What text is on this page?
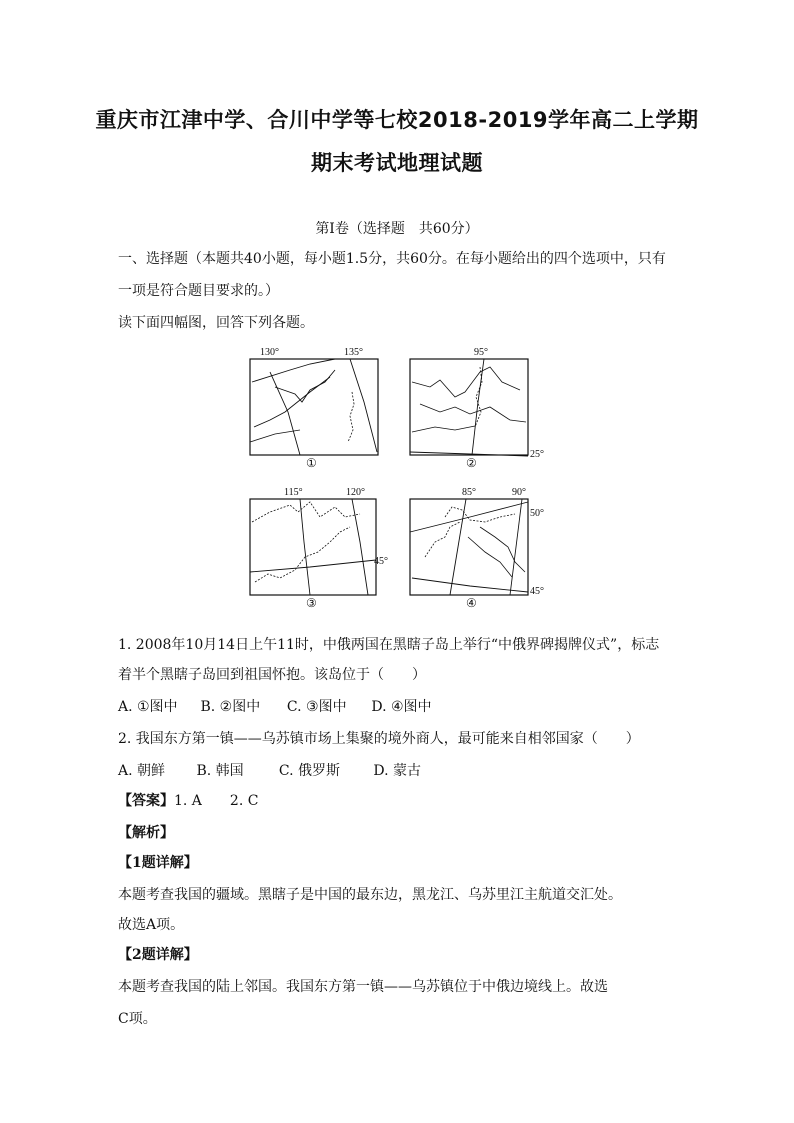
重庆市江津中学、合川中学等七校2018-2019学年高二上学期
期末考试地理试题
第Ⅰ卷（选择题　共60分）
一、选择题（本题共40小题，每小题1.5分，共60分。在每小题给出的四个选项中，只有
一项是符合题目要求的。）
读下面四幅图，回答下列各题。
130°	135°
①
95°
25°
②
115°	120°
45°
③
85°	90°
50°
45°
④
1. 2008年10月14日上午11时，中俄两国在黑瞎子岛上举行“中俄界碑揭牌仪式”，标志
着半个黑瞎子岛回到祖国怀抱。该岛位于（　　）
A. ①图中 B. ②图中 C. ③图中 D. ④图中
2. 我国东方第一镇——乌苏镇市场上集聚的境外商人，最可能来自相邻国家（　　）
A. 朝鲜 B. 韩国	C. 俄罗斯 D. 蒙古
【答案】1. A　　2. C
【解析】
【1题详解】
本题考查我国的疆域。黑瞎子是中国的最东边，黑龙江、乌苏里江主航道交汇处。
故选A项。
【2题详解】
本题考查我国的陆上邻国。我国东方第一镇——乌苏镇位于中俄边境线上。故选
C项。
